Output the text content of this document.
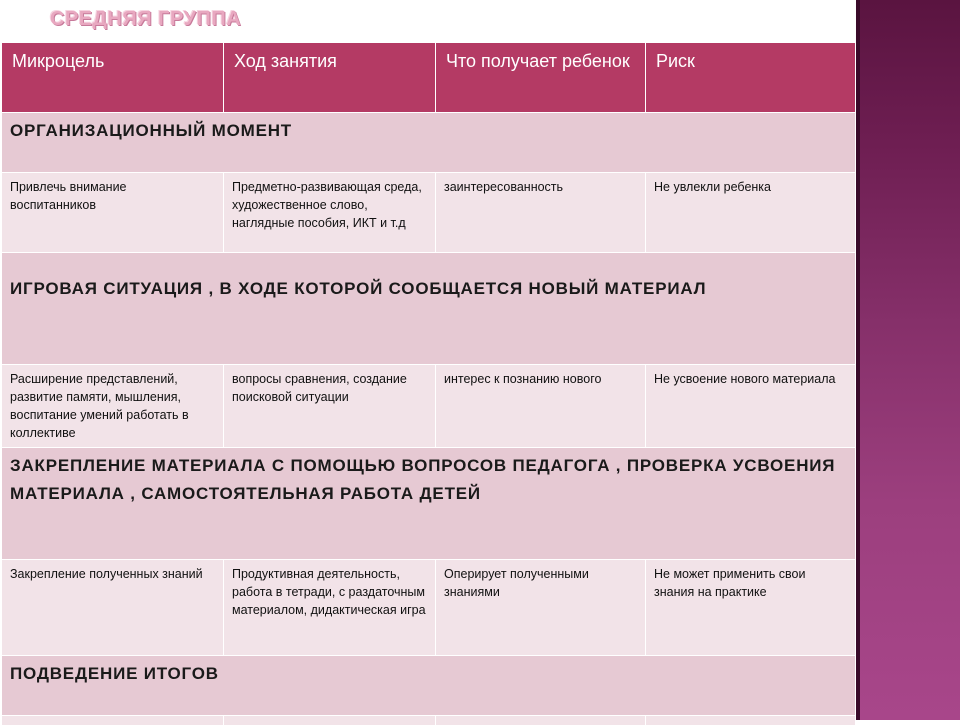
СРЕДНЯЯ ГРУППА
Микроцель	Ход занятия	Что получает ребенок	Риск
ОРГАНИЗАЦИОННЫЙ МОМЕНТ			
Привлечь внимание воспитанников	Предметно-развивающая среда, художественное слово, наглядные пособия, ИКТ и т.д	заинтересованность	Не увлекли ребенка
ИГРОВАЯ СИТУАЦИЯ , В ХОДЕ КОТОРОЙ СООБЩАЕТСЯ НОВЫЙ МАТЕРИАЛ			
Расширение представлений, развитие памяти, мышления, воспитание умений работать в коллективе	вопросы сравнения, создание поисковой ситуации	интерес к познанию нового	Не усвоение нового материала
ЗАКРЕПЛЕНИЕ МАТЕРИАЛА С ПОМОЩЬЮ ВОПРОСОВ ПЕДАГОГА , ПРОВЕРКА УСВОЕНИЯ МАТЕРИАЛА , САМОСТОЯТЕЛЬНАЯ РАБОТА ДЕТЕЙ			
Закрепление полученных знаний	Продуктивная деятельность, работа в тетради, с раздаточным материалом, дидактическая игра	Оперирует полученными знаниями	Не может применить свои знания на практике
ПОДВЕДЕНИЕ ИТОГОВ			
